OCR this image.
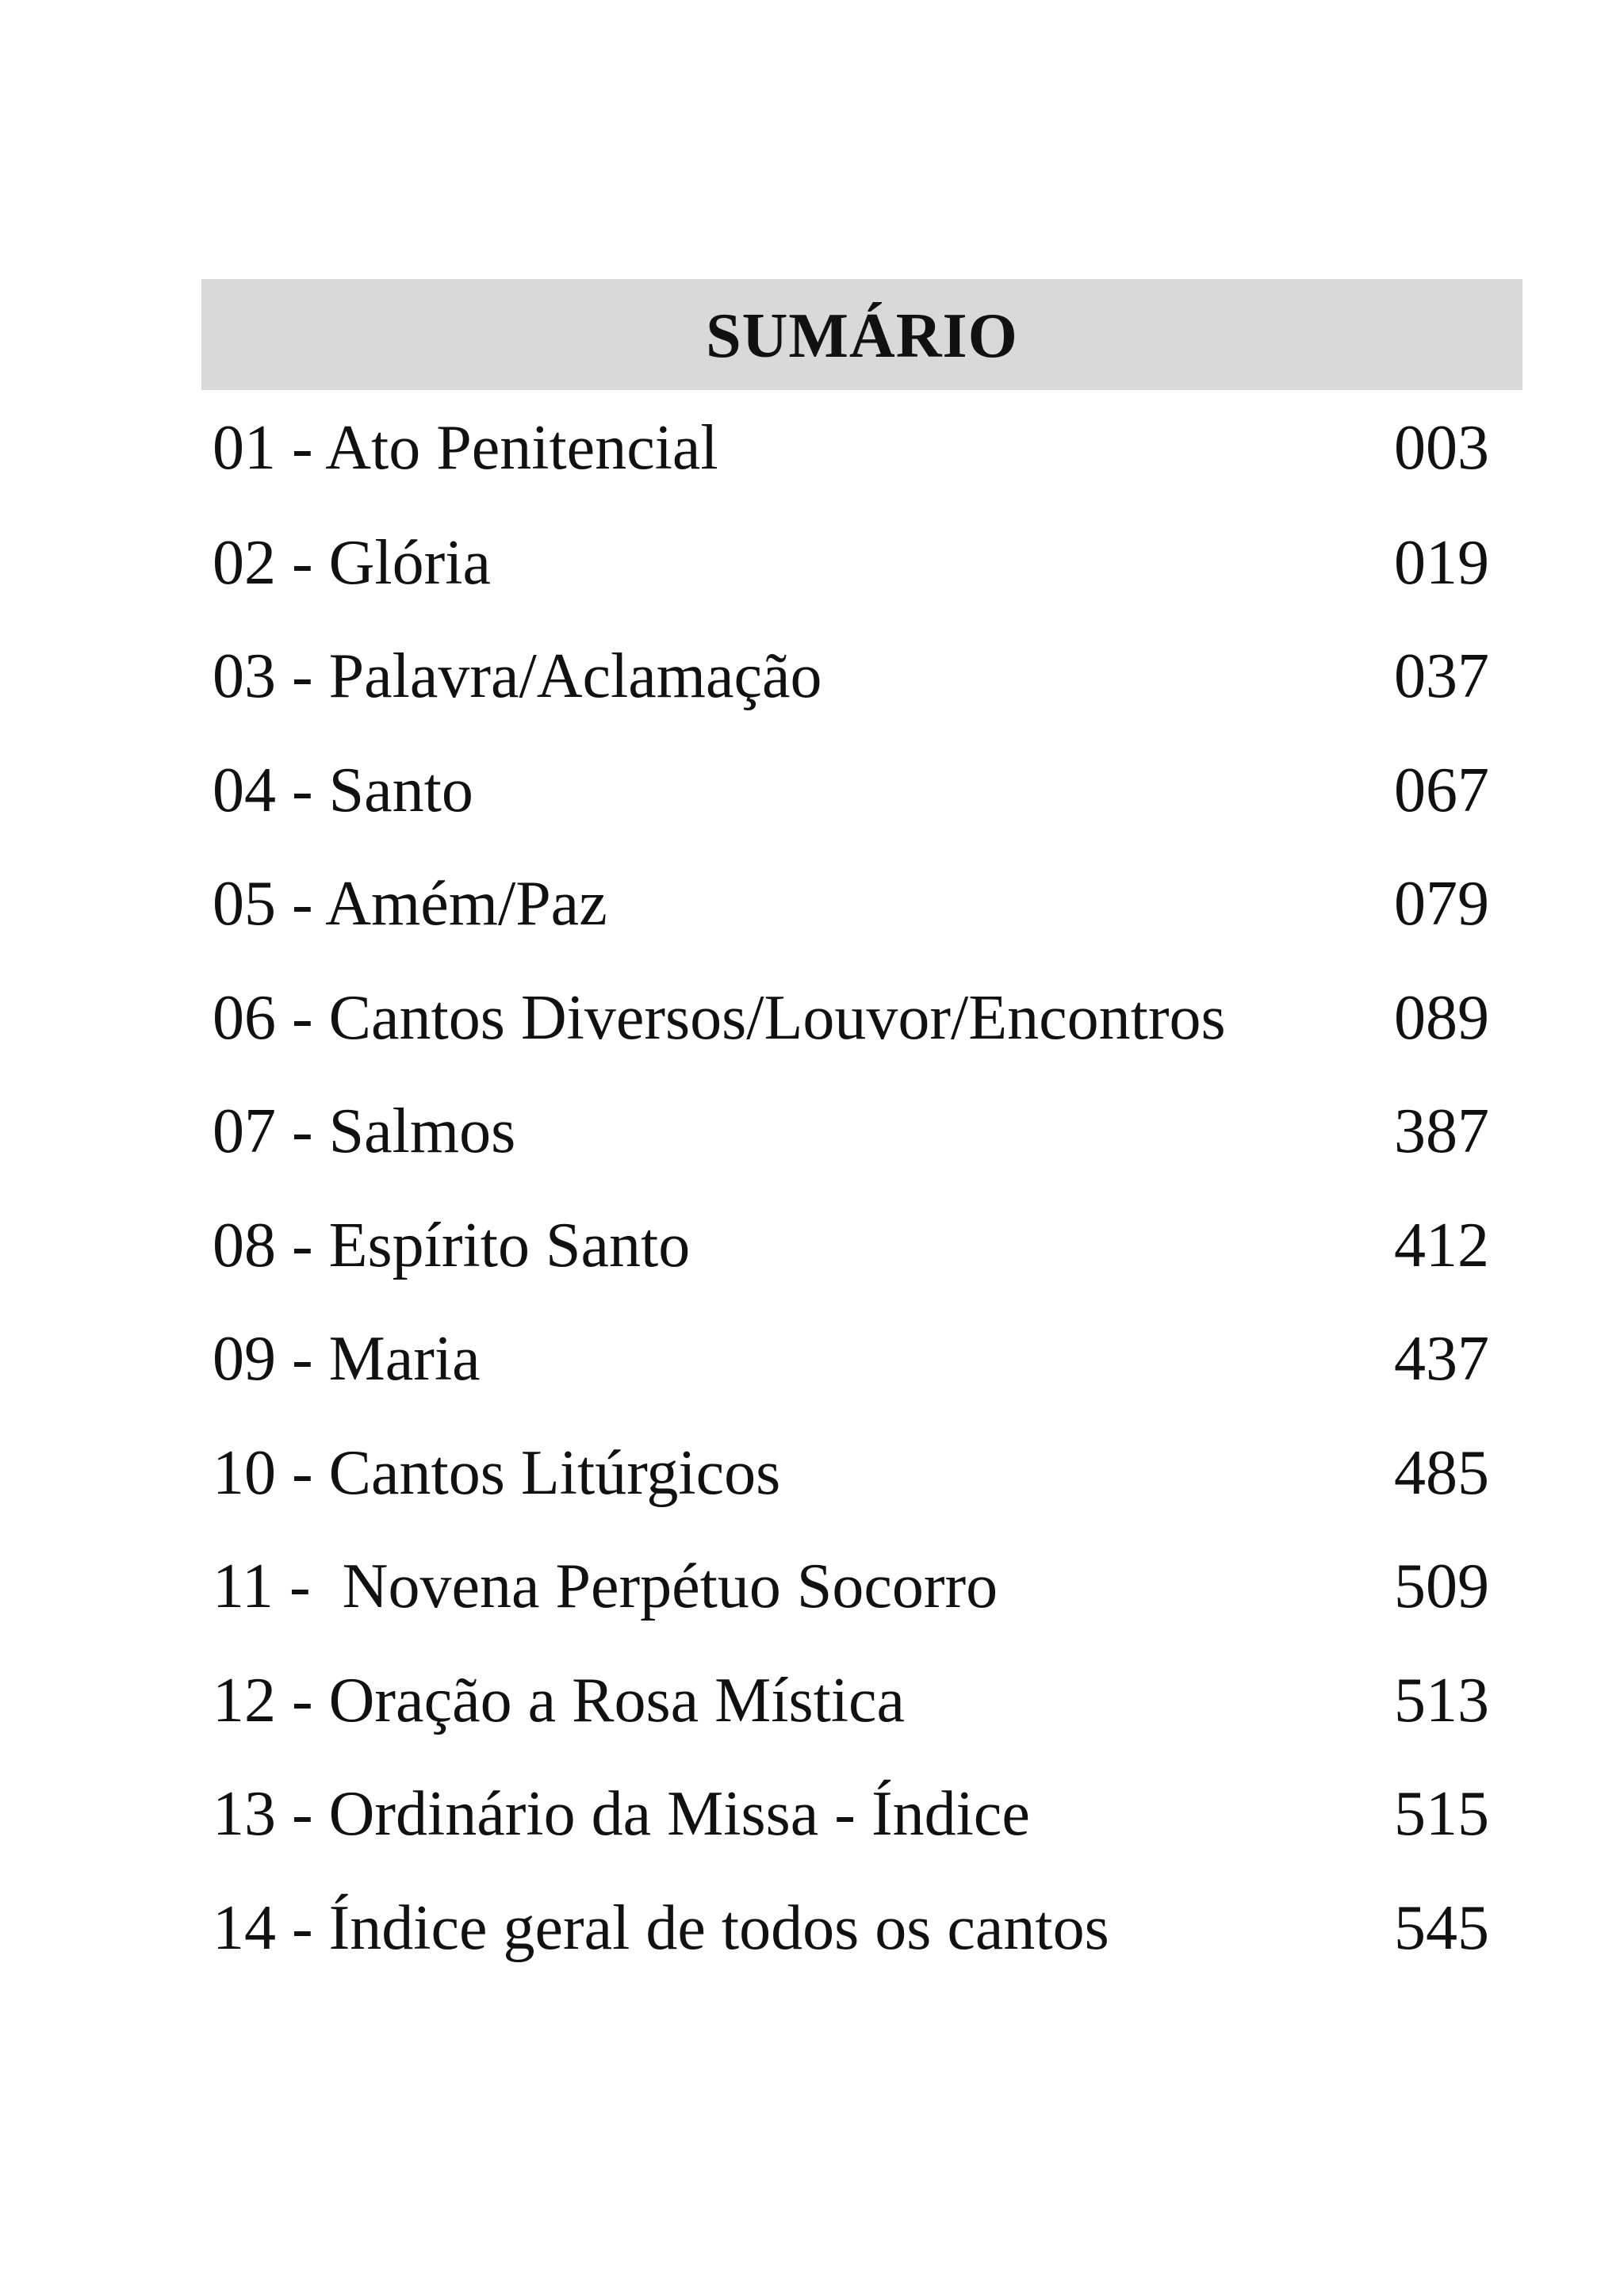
SUMÁRIO
01 - Ato Penitencial	003
02 - Glória	019
03 - Palavra/Aclamação	037
04 - Santo	067
05 - Amém/Paz	079
06 - Cantos Diversos/Louvor/Encontros	089
07 - Salmos	387
08 - Espírito Santo	412
09 - Maria	437
10 - Cantos Litúrgicos	485
11 -  Novena Perpétuo Socorro	509
12 - Oração a Rosa Mística	513
13 - Ordinário da Missa - Índice	515
14 - Índice geral de todos os cantos	545
